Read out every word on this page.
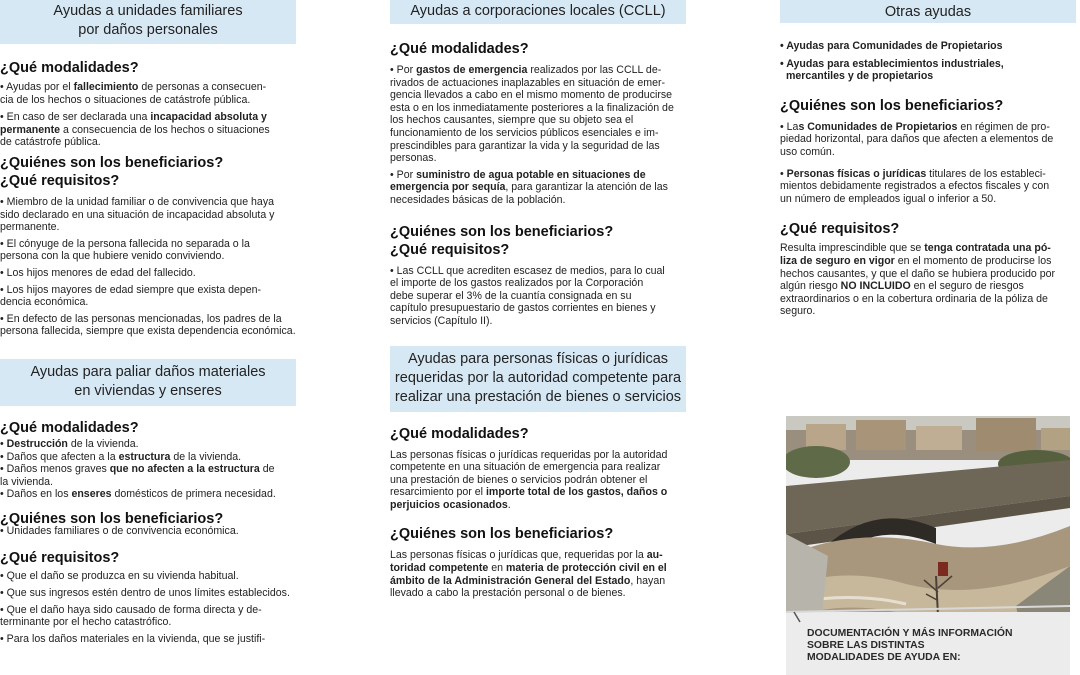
Ayudas a unidades familiares
por daños personales
¿Qué modalidades?
• Ayudas por el fallecimiento de personas a consecuen-
cia de los hechos o situaciones de catástrofe pública.
• En caso de ser declarada una incapacidad absoluta y
permanente a consecuencia de los hechos o situaciones
de catástrofe pública.
¿Quiénes son los beneficiarios?
¿Qué requisitos?
• Miembro de la unidad familiar o de convivencia que haya
sido declarado en una situación de incapacidad absoluta y
permanente.
• El cónyuge de la persona fallecida no separada o la
persona con la que hubiere venido conviviendo.
• Los hijos menores de edad del fallecido.
• Los hijos mayores de edad siempre que exista depen-
dencia económica.
• En defecto de las personas mencionadas, los padres de la
persona fallecida, siempre que exista dependencia económica.
Ayudas para paliar daños materiales
en viviendas y enseres
¿Qué modalidades?
• Destrucción de la vivienda.
• Daños que afecten a la estructura de la vivienda.
• Daños menos graves que no afecten a la estructura de
la vivienda.
• Daños en los enseres domésticos de primera necesidad.
¿Quiénes son los beneficiarios?
• Unidades familiares o de convivencia económica.
¿Qué requisitos?
• Que el daño se produzca en su vivienda habitual.
• Que sus ingresos estén dentro de unos límites establecidos.
• Que el daño haya sido causado de forma directa y de-
terminante por el hecho catastrófico.
• Para los daños materiales en la vivienda, que se justifi-
Ayudas a corporaciones locales (CCLL)
¿Qué modalidades?
• Por gastos de emergencia realizados por las CCLL de-
rivados de actuaciones inaplazables en situación de emer-
gencia llevados a cabo en el mismo momento de producirse
esta o en los inmediatamente posteriores a la finalización de
los hechos causantes, siempre que su objeto sea el
funcionamiento de los servicios públicos esenciales e im-
prescindibles para garantizar la vida y la seguridad de las
personas.
• Por suministro de agua potable en situaciones de
emergencia por sequía, para garantizar la atención de las
necesidades básicas de la población.
¿Quiénes son los beneficiarios?
¿Qué requisitos?
• Las CCLL que acrediten escasez de medios, para lo cual
el importe de los gastos realizados por la Corporación
debe superar el 3% de la cuantía consignada en su
capítulo presupuestario de gastos corrientes en bienes y
servicios (Capítulo II).
Ayudas para personas físicas o jurídicas
requeridas por la autoridad competente para
realizar una prestación de bienes o servicios
¿Qué modalidades?
Las personas físicas o jurídicas requeridas por la autoridad
competente en una situación de emergencia para realizar
una prestación de bienes o servicios podrán obtener el
resarcimiento por el importe total de los gastos, daños o
perjuicios ocasionados.
¿Quiénes son los beneficiarios?
Las personas físicas o jurídicas que, requeridas por la au-
toridad competente en materia de protección civil en el
ámbito de la Administración General del Estado, hayan
llevado a cabo la prestación personal o de bienes.
Otras ayudas
• Ayudas para Comunidades de Propietarios
• Ayudas para establecimientos industriales,
mercantiles y de propietarios
¿Quiénes son los beneficiarios?
• Las Comunidades de Propietarios en régimen de pro-
piedad horizontal, para daños que afecten a elementos de
uso común.
• Personas físicas o jurídicas titulares de los estableci-
mientos debidamente registrados a efectos fiscales y con
un número de empleados igual o inferior a 50.
¿Qué requisitos?
Resulta imprescindible que se tenga contratada una pó-
liza de seguro en vigor en el momento de producirse los
hechos causantes, y que el daño se hubiera producido por
algún riesgo NO INCLUIDO en el seguro de riesgos
extraordinarios o en la cobertura ordinaria de la póliza de
seguro.
DOCUMENTACIÓN Y MÁS INFORMACIÓN
SOBRE LAS DISTINTAS
MODALIDADES DE AYUDA EN:
